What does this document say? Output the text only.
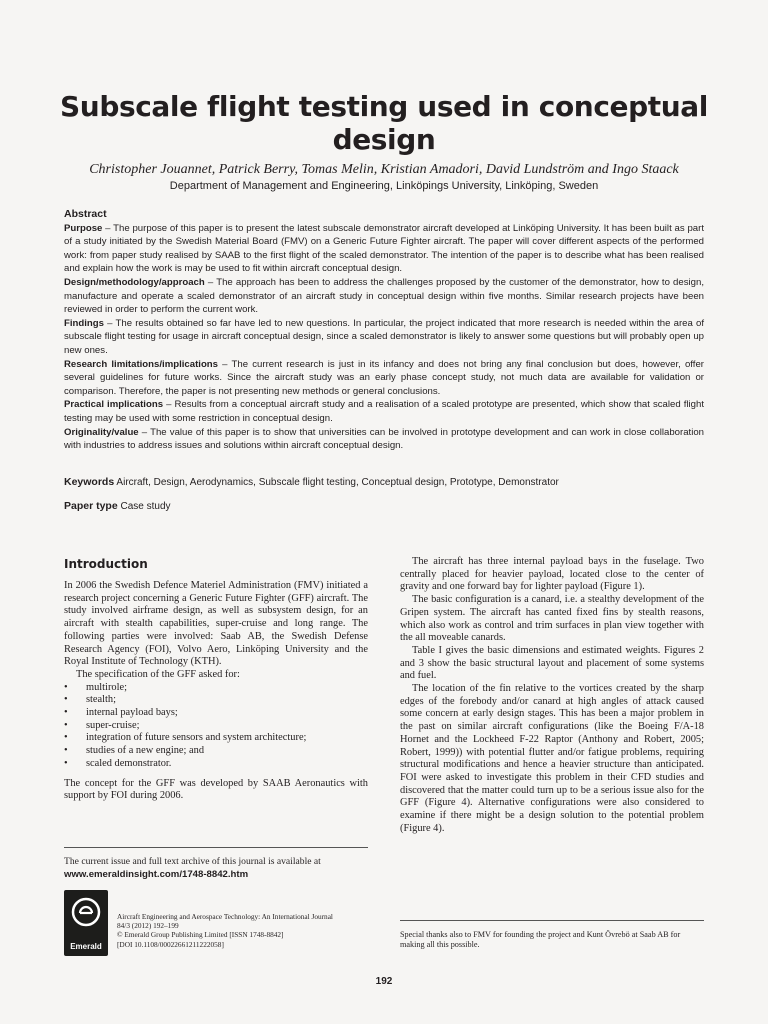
Subscale flight testing used in conceptual design
Christopher Jouannet, Patrick Berry, Tomas Melin, Kristian Amadori, David Lundström and Ingo Staack
Department of Management and Engineering, Linköpings University, Linköping, Sweden
Abstract

Purpose – The purpose of this paper is to present the latest subscale demonstrator aircraft developed at Linköping University. It has been built as part of a study initiated by the Swedish Material Board (FMV) on a Generic Future Fighter aircraft. The paper will cover different aspects of the performed work: from paper study realised by SAAB to the first flight of the scaled demonstrator. The intention of the paper is to describe what has been realised and explain how the work is may be used to fit within aircraft conceptual design.

Design/methodology/approach – The approach has been to address the challenges proposed by the customer of the demonstrator, how to design, manufacture and operate a scaled demonstrator of an aircraft study in conceptual design within five months. Similar research projects have been reviewed in order to perform the current work.

Findings – The results obtained so far have led to new questions. In particular, the project indicated that more research is needed within the area of subscale flight testing for usage in aircraft conceptual design, since a scaled demonstrator is likely to answer some questions but will probably open up new ones.

Research limitations/implications – The current research is just in its infancy and does not bring any final conclusion but does, however, offer several guidelines for future works. Since the aircraft study was an early phase concept study, not much data are available for validation or comparison. Therefore, the paper is not presenting new methods or general conclusions.

Practical implications – Results from a conceptual aircraft study and a realisation of a scaled prototype are presented, which show that scaled flight testing may be used with some restriction in conceptual design.

Originality/value – The value of this paper is to show that universities can be involved in prototype development and can work in close collaboration with industries to address issues and solutions within aircraft conceptual design.

Keywords Aircraft, Design, Aerodynamics, Subscale flight testing, Conceptual design, Prototype, Demonstrator
Paper type Case study
Introduction

In 2006 the Swedish Defence Materiel Administration (FMV) initiated a research project concerning a Generic Future Fighter (GFF) aircraft. The study involved airframe design, as well as subsystem design, for an aircraft with stealth capabilities, super-cruise and long range. The following parties were involved: Saab AB, the Swedish Defense Research Agency (FOI), Volvo Aero, Linköping University and the Royal Institute of Technology (KTH).

The specification of the GFF asked for:

• multirole;
• stealth;
• internal payload bays;
• super-cruise;
• integration of future sensors and system architecture;
• studies of a new engine; and
• scaled demonstrator.

The concept for the GFF was developed by SAAB Aeronautics with support by FOI during 2006.

The current issue and full text archive of this journal is available at
www.emeraldinsight.com/1748-8842.htm
Emerald
Aircraft Engineering and Aerospace Technology: An International Journal
84/3 (2012) 192–199
© Emerald Group Publishing Limited [ISSN 1748-8842]
[DOI 10.1108/00022661211222058]

The aircraft has three internal payload bays in the fuselage. Two centrally placed for heavier payload, located close to the center of gravity and one forward bay for lighter payload (Figure 1).

The basic configuration is a canard, i.e. a stealthy development of the Gripen system. The aircraft has canted fixed fins by stealth reasons, which also work as control and trim surfaces in plan view together with the all moveable canards.

Table I gives the basic dimensions and estimated weights. Figures 2 and 3 show the basic structural layout and placement of some systems and fuel.

The location of the fin relative to the vortices created by the sharp edges of the forebody and/or canard at high angles of attack caused some concern at early design stages. This has been a major problem in the past on similar aircraft configurations (like the Boeing F/A-18 Hornet and the Lockheed F-22 Raptor (Anthony and Robert, 2005; Robert, 1999)) with potential flutter and/or fatigue problems, requiring structural modifications and hence a heavier structure than anticipated. FOI were asked to investigate this problem in their CFD studies and discovered that the matter could turn up to be a serious issue also for the GFF (Figure 4). Alternative configurations were also considered to examine if there might be a design solution to the potential problem (Figure 4).

Special thanks also to FMV for founding the project and Kunt Övrebö at Saab AB for making all this possible.
192
